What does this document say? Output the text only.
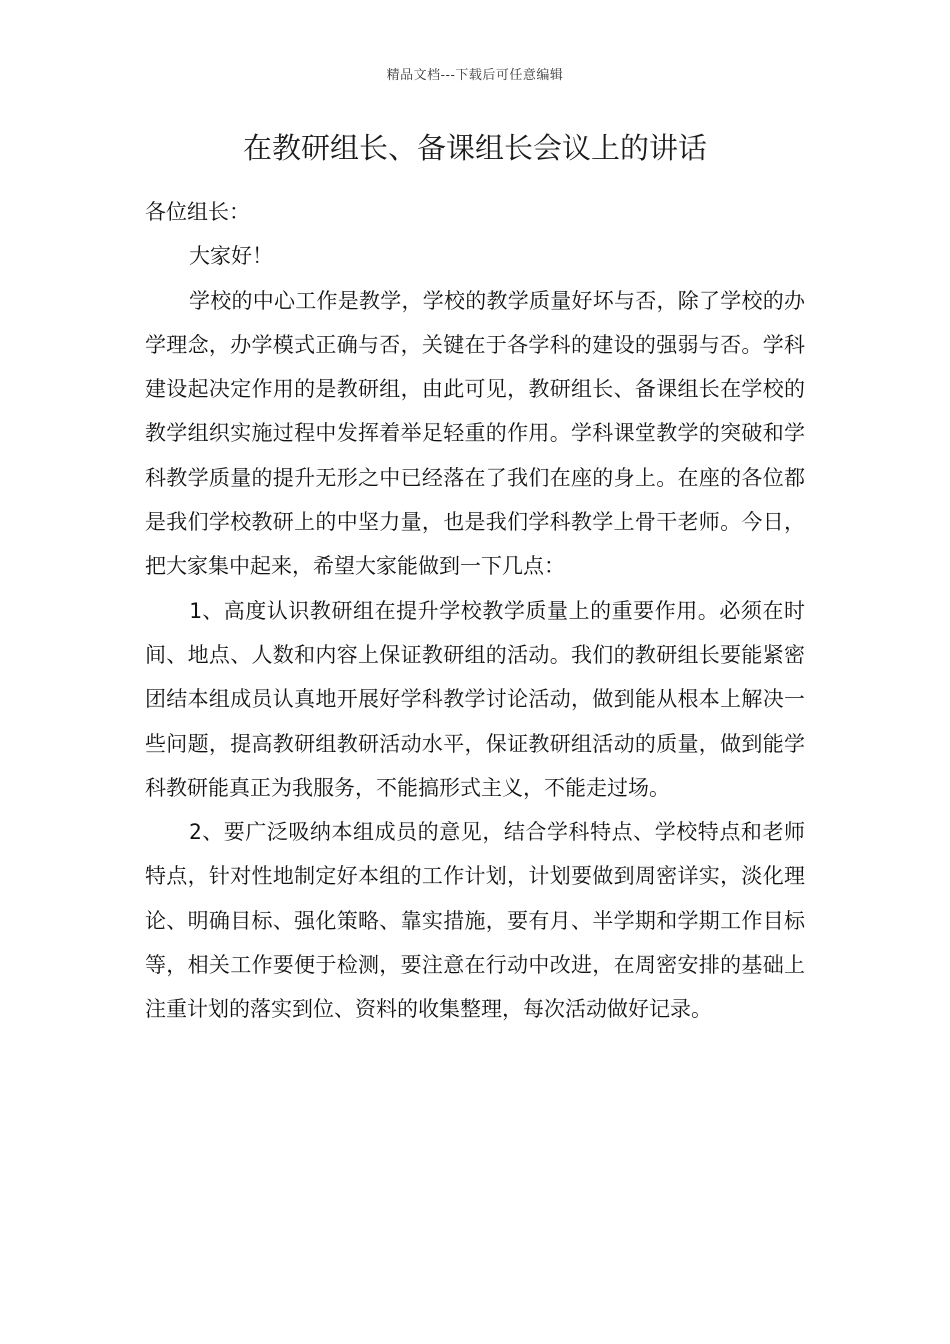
精品文档---下载后可任意编辑
在教研组长、备课组长会议上的讲话

各位组长：

大家好！

学校的中心工作是教学，学校的教学质量好坏与否，除了学校的办学理念，办学模式正确与否，关键在于各学科的建设的强弱与否。学科建设起决定作用的是教研组，由此可见，教研组长、备课组长在学校的教学组织实施过程中发挥着举足轻重的作用。学科课堂教学的突破和学科教学质量的提升无形之中已经落在了我们在座的身上。在座的各位都是我们学校教研上的中坚力量，也是我们学科教学上骨干老师。今日，把大家集中起来，希望大家能做到一下几点：

1、高度认识教研组在提升学校教学质量上的重要作用。必须在时间、地点、人数和内容上保证教研组的活动。我们的教研组长要能紧密团结本组成员认真地开展好学科教学讨论活动，做到能从根本上解决一些问题，提高教研组教研活动水平，保证教研组活动的质量，做到能学科教研能真正为我服务，不能搞形式主义，不能走过场。

2、要广泛吸纳本组成员的意见，结合学科特点、学校特点和老师特点，针对性地制定好本组的工作计划，计划要做到周密详实，淡化理论、明确目标、强化策略、靠实措施，要有月、半学期和学期工作目标等，相关工作要便于检测，要注意在行动中改进，在周密安排的基础上注重计划的落实到位、资料的收集整理，每次活动做好记录。
